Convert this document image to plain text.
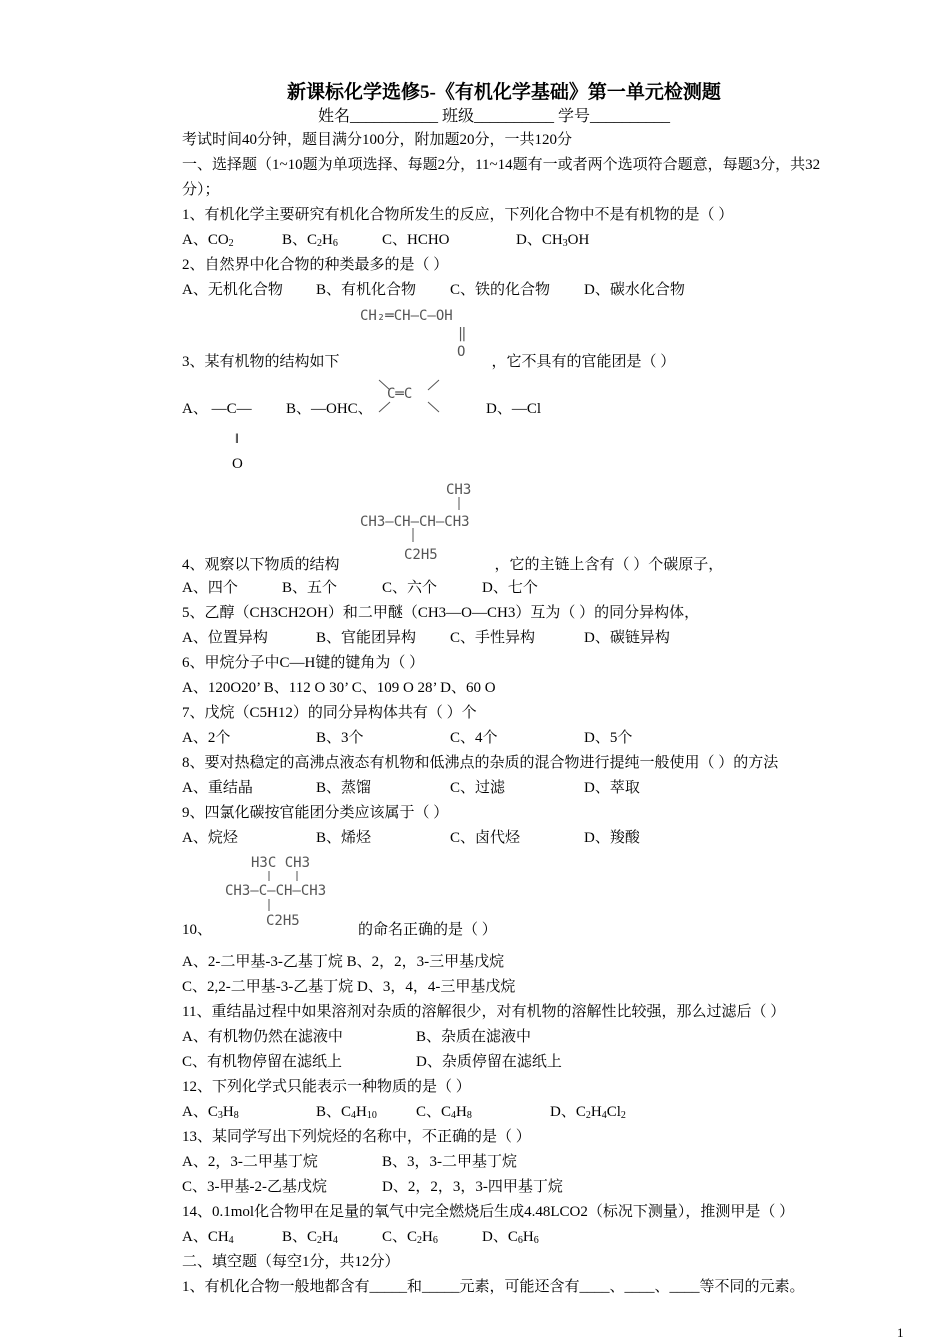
新课标化学选修5-《有机化学基础》第一单元检测题
姓名___________ 班级__________ 学号__________
考试时间40分钟，题目满分100分，附加题20分，一共120分
一、选择题（1~10题为单项选择、每题2分，11~14题有一或者两个选项符合题意，每题3分，共32
分）；
1、有机化学主要研究有机化合物所发生的反应，下列化合物中不是有机物的是（ ）
A、$CO_2$	B、$C_2H_6$	C、HCHO	D、$CH_3OH$
2、自然界中化合物的种类最多的是（ ）
A、无机化合物 B、有机化合物 C、铁的化合物 D、碳水化合物
CH₂═CH—C—OH
‖
O
3、某有机物的结构如下	，它不具有的官能团是（ ）
A、 —C— B、—OHC、	D、—Cl
C═C
‖
O
CH3
CH3—CH—CH—CH3
C2H5
4、观察以下物质的结构	，它的主链上含有（ ）个碳原子，
A、四个	B、五个	C、六个	D、七个
5、乙醇（CH3CH2OH）和二甲醚（CH3—O—CH3）互为（ ）的同分异构体，
A、位置异构	B、官能团异构 C、手性异构	D、碳链异构
6、甲烷分子中C—H键的键角为（ ）
A、120O20’ B、112 O 30’ C、109 O 28’ D、60 O
7、戊烷（C5H12）的同分异构体共有（ ）个
A、2个	B、3个	C、4个	D、5个
8、要对热稳定的高沸点液态有机物和低沸点的杂质的混合物进行提纯一般使用（ ）的方法
A、重结晶	B、蒸馏	C、过滤	D、萃取
9、四氯化碳按官能团分类应该属于（ ）
A、烷烃	B、烯烃	C、卤代烃	D、羧酸
H3C CH3
CH3—C—CH—CH3
C2H5
10、	的命名正确的是（ ）
A、2-二甲基-3-乙基丁烷 B、2，2，3-三甲基戊烷
C、2,2-二甲基-3-乙基丁烷 D、3，4，4-三甲基戊烷
11、重结晶过程中如果溶剂对杂质的溶解很少，对有机物的溶解性比较强，那么过滤后（ ）
A、有机物仍然在滤液中	B、杂质在滤液中
C、有机物停留在滤纸上	D、杂质停留在滤纸上
12、下列化学式只能表示一种物质的是（ ）
A、$C_3H_8$	B、$C_4H_{10}$	C、$C_4H_8$	D、$C_2H_4Cl_2$
13、某同学写出下列烷烃的名称中，不正确的是（ ）
A、2，3-二甲基丁烷	B、3，3-二甲基丁烷
C、3-甲基-2-乙基戊烷	D、2，2，3，3-四甲基丁烷
14、0.1mol化合物甲在足量的氧气中完全燃烧后生成4.48LCO2（标况下测量），推测甲是（ ）
A、$CH_4$	B、$C_2H_4$	C、$C_2H_6$	D、$C_6H_6$
二、填空题（每空1分，共12分）
1、有机化合物一般地都含有_____和_____元素，可能还含有____、____、____等不同的元素。
1
